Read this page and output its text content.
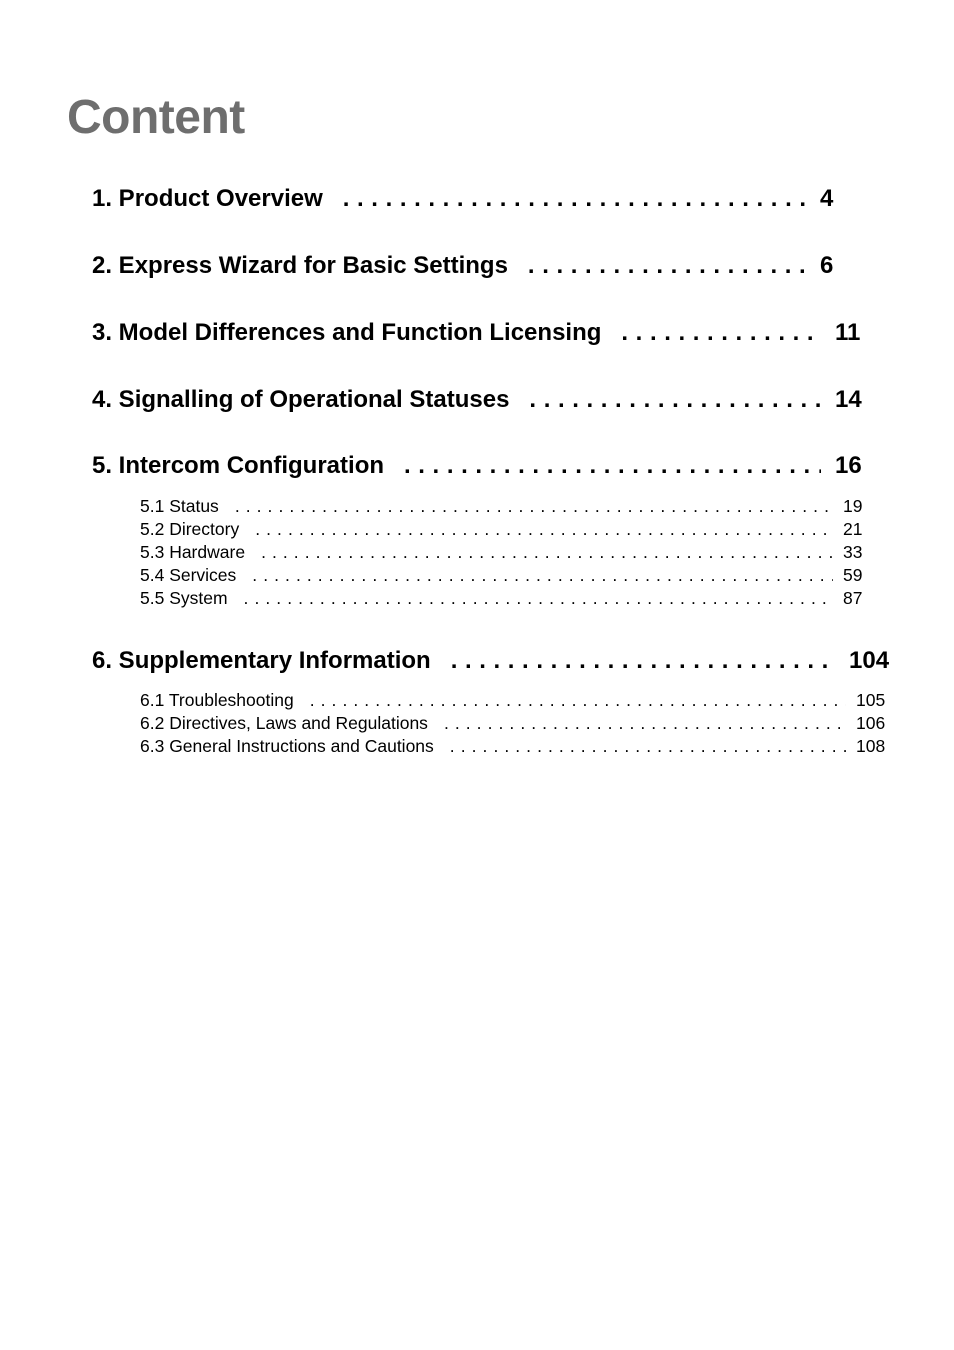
Content
1. Product Overview .....	4
2. Express Wizard for Basic Settings .....	6
3. Model Differences and Function Licensing .....	11
4. Signalling of Operational Statuses .....	14
5. Intercom Configuration .....	16
5.1 Status .....	19
5.2 Directory .....	21
5.3 Hardware .....	33
5.4 Services .....	59
5.5 System .....	87
6. Supplementary Information .....	104
6.1 Troubleshooting .....	105
6.2 Directives, Laws and Regulations .....	106
6.3 General Instructions and Cautions .....	108
